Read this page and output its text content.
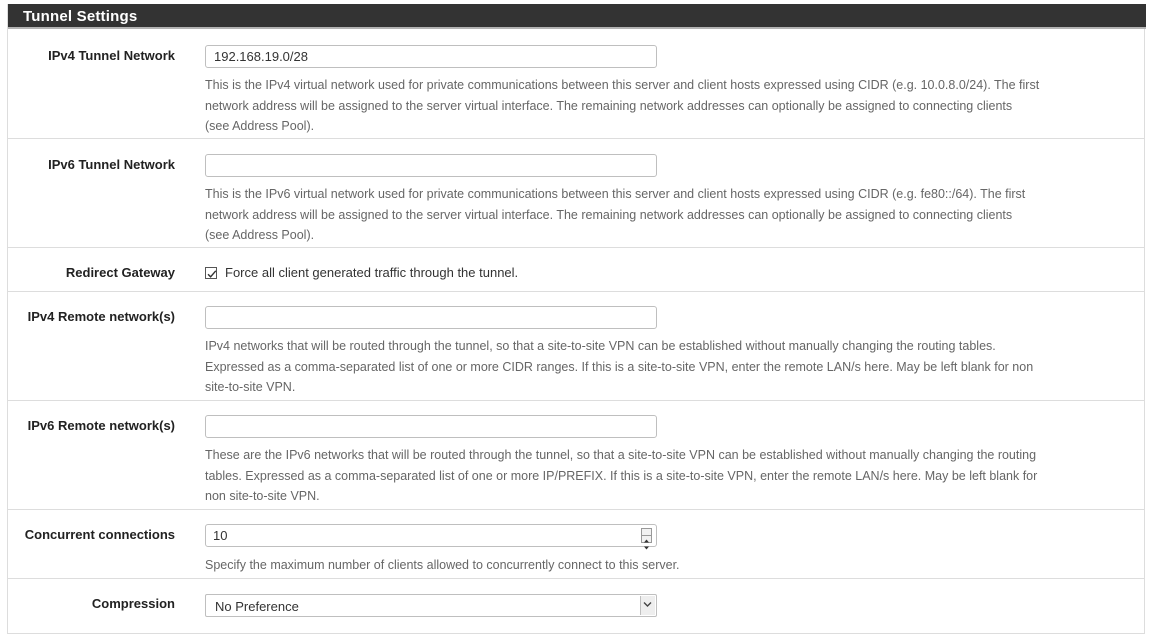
Tunnel Settings
IPv4 Tunnel Network
192.168.19.0/28
This is the IPv4 virtual network used for private communications between this server and client hosts expressed using CIDR (e.g. 10.0.8.0/24). The first
network address will be assigned to the server virtual interface. The remaining network addresses can optionally be assigned to connecting clients
(see Address Pool).
IPv6 Tunnel Network
This is the IPv6 virtual network used for private communications between this server and client hosts expressed using CIDR (e.g. fe80::/64). The first
network address will be assigned to the server virtual interface. The remaining network addresses can optionally be assigned to connecting clients
(see Address Pool).
Redirect Gateway	Force all client generated traffic through the tunnel.
IPv4 Remote network(s)
IPv4 networks that will be routed through the tunnel, so that a site-to-site VPN can be established without manually changing the routing tables.
Expressed as a comma-separated list of one or more CIDR ranges. If this is a site-to-site VPN, enter the remote LAN/s here. May be left blank for non
site-to-site VPN.
IPv6 Remote network(s)
These are the IPv6 networks that will be routed through the tunnel, so that a site-to-site VPN can be established without manually changing the routing
tables. Expressed as a comma-separated list of one or more IP/PREFIX. If this is a site-to-site VPN, enter the remote LAN/s here. May be left blank for
non site-to-site VPN.
Concurrent connections	10
Specify the maximum number of clients allowed to concurrently connect to this server.
Compression	No Preference
